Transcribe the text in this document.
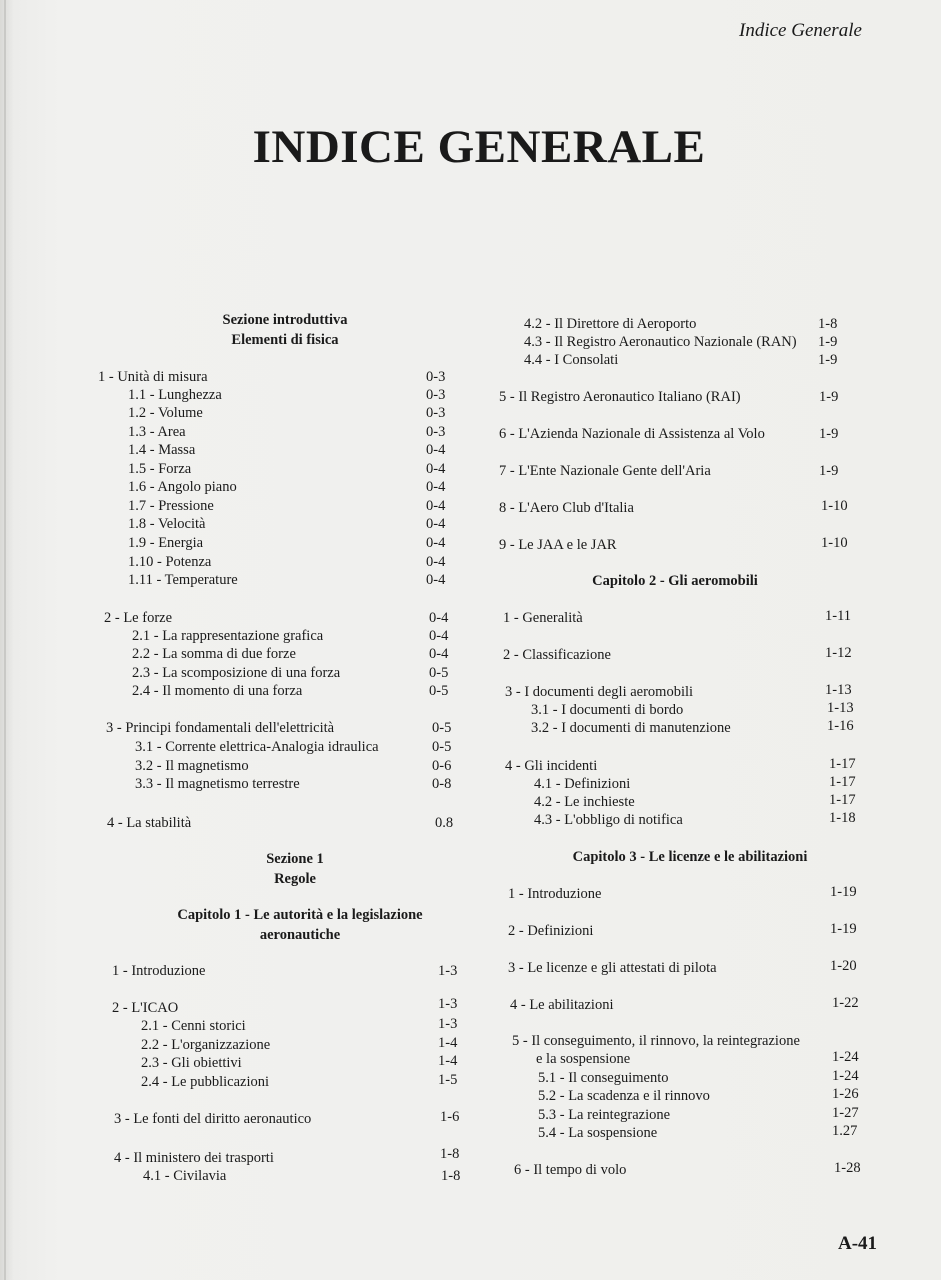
Indice Generale
INDICE GENERALE
Sezione introduttiva
Elementi di fisica
1 - Unità di misura	0-3
1.1 - Lunghezza	0-3
1.2 - Volume	0-3
1.3 - Area	0-3
1.4 - Massa	0-4
1.5 - Forza	0-4
1.6 - Angolo piano	0-4
1.7 - Pressione	0-4
1.8 - Velocità	0-4
1.9 - Energia	0-4
1.10 - Potenza	0-4
1.11 - Temperature	0-4
2 - Le forze	0-4
2.1 - La rappresentazione grafica	0-4
2.2 - La somma di due forze	0-4
2.3 - La scomposizione di una forza	0-5
2.4 - Il momento di una forza	0-5
3 - Principi fondamentali dell'elettricità	0-5
3.1 - Corrente elettrica-Analogia idraulica	0-5
3.2 - Il magnetismo	0-6
3.3 - Il magnetismo terrestre	0-8
4 - La stabilità	0.8
Sezione 1
Regole
Capitolo 1 - Le autorità e la legislazione
aeronautiche
1 - Introduzione	1-3
2 - L'ICAO	1-3
2.1 - Cenni storici	1-3
2.2 - L'organizzazione	1-4
2.3 - Gli obiettivi	1-4
2.4 - Le pubblicazioni	1-5
3 - Le fonti del diritto aeronautico	1-6
4 - Il ministero dei trasporti	1-8
4.1 - Civilavia	1-8
4.2 - Il Direttore di Aeroporto	1-8
4.3 - Il Registro Aeronautico Nazionale (RAN) 1-9
4.4 - I Consolati	1-9
5 - Il Registro Aeronautico Italiano (RAI)	1-9
6 - L'Azienda Nazionale di Assistenza al Volo	1-9
7 - L'Ente Nazionale Gente dell'Aria	1-9
8 - L'Aero Club d'Italia	1-10
9 - Le JAA e le JAR	1-10
Capitolo 2 - Gli aeromobili
1 - Generalità	1-11
2 - Classificazione	1-12
3 - I documenti degli aeromobili	1-13
3.1 - I documenti di bordo	1-13
3.2 - I documenti di manutenzione	1-16
4 - Gli incidenti	1-17
4.1 - Definizioni	1-17
4.2 - Le inchieste	1-17
4.3 - L'obbligo di notifica	1-18
Capitolo 3 - Le licenze e le abilitazioni
1 - Introduzione	1-19
2 - Definizioni	1-19
3 - Le licenze e gli attestati di pilota	1-20
4 - Le abilitazioni	1-22
5 - Il conseguimento, il rinnovo, la reintegrazione
e la sospensione	1-24
5.1 - Il conseguimento	1-24
5.2 - La scadenza e il rinnovo	1-26
5.3 - La reintegrazione	1-27
5.4 - La sospensione	1.27
6 - Il tempo di volo	1-28
A-41
